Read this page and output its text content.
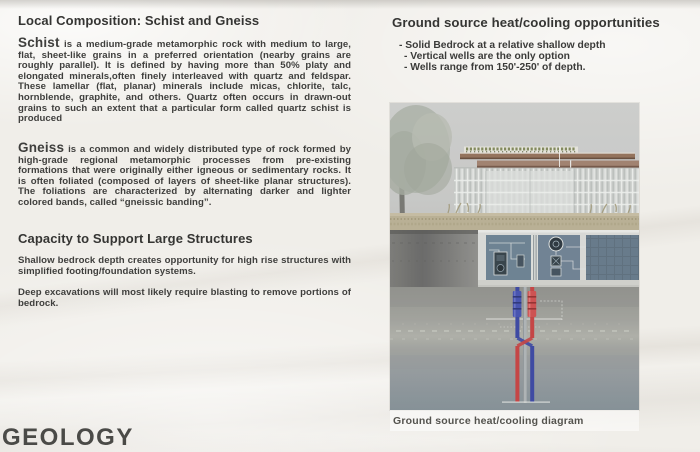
Local Composition: Schist and Gneiss

Schist is a medium-grade metamorphic rock with medium to large, flat, sheet-like grains in a preferred orientation (nearby grains are roughly parallel). It is defined by having more than 50% platy and elongated minerals,often finely interleaved with quartz and feldspar. These lamellar (flat, planar) minerals include micas, chlorite, talc, hornblende, graphite, and others. Quartz often occurs in drawn-out grains to such an extent that a particular form called quartz schist is produced

Gneiss is a common and widely distributed type of rock formed by high-grade regional metamorphic processes from pre-existing formations that were originally either igneous or sedimentary rocks. It is often foliated (composed of layers of sheet-like planar structures). The foliations are characterized by alternating darker and lighter colored bands, called “gneissic banding”.

Capacity to Support Large Structures

Shallow bedrock depth creates opportunity for high rise structures with simplified footing/foundation systems.

Deep excavations will most likely require blasting to remove portions of bedrock.

Ground source heat/cooling opportunities
- Solid Bedrock at a relative shallow depth
- Vertical wells are the only option
- Wells range from 150'-250' of depth.
Ground source heat/cooling diagram
GEOLOGY
